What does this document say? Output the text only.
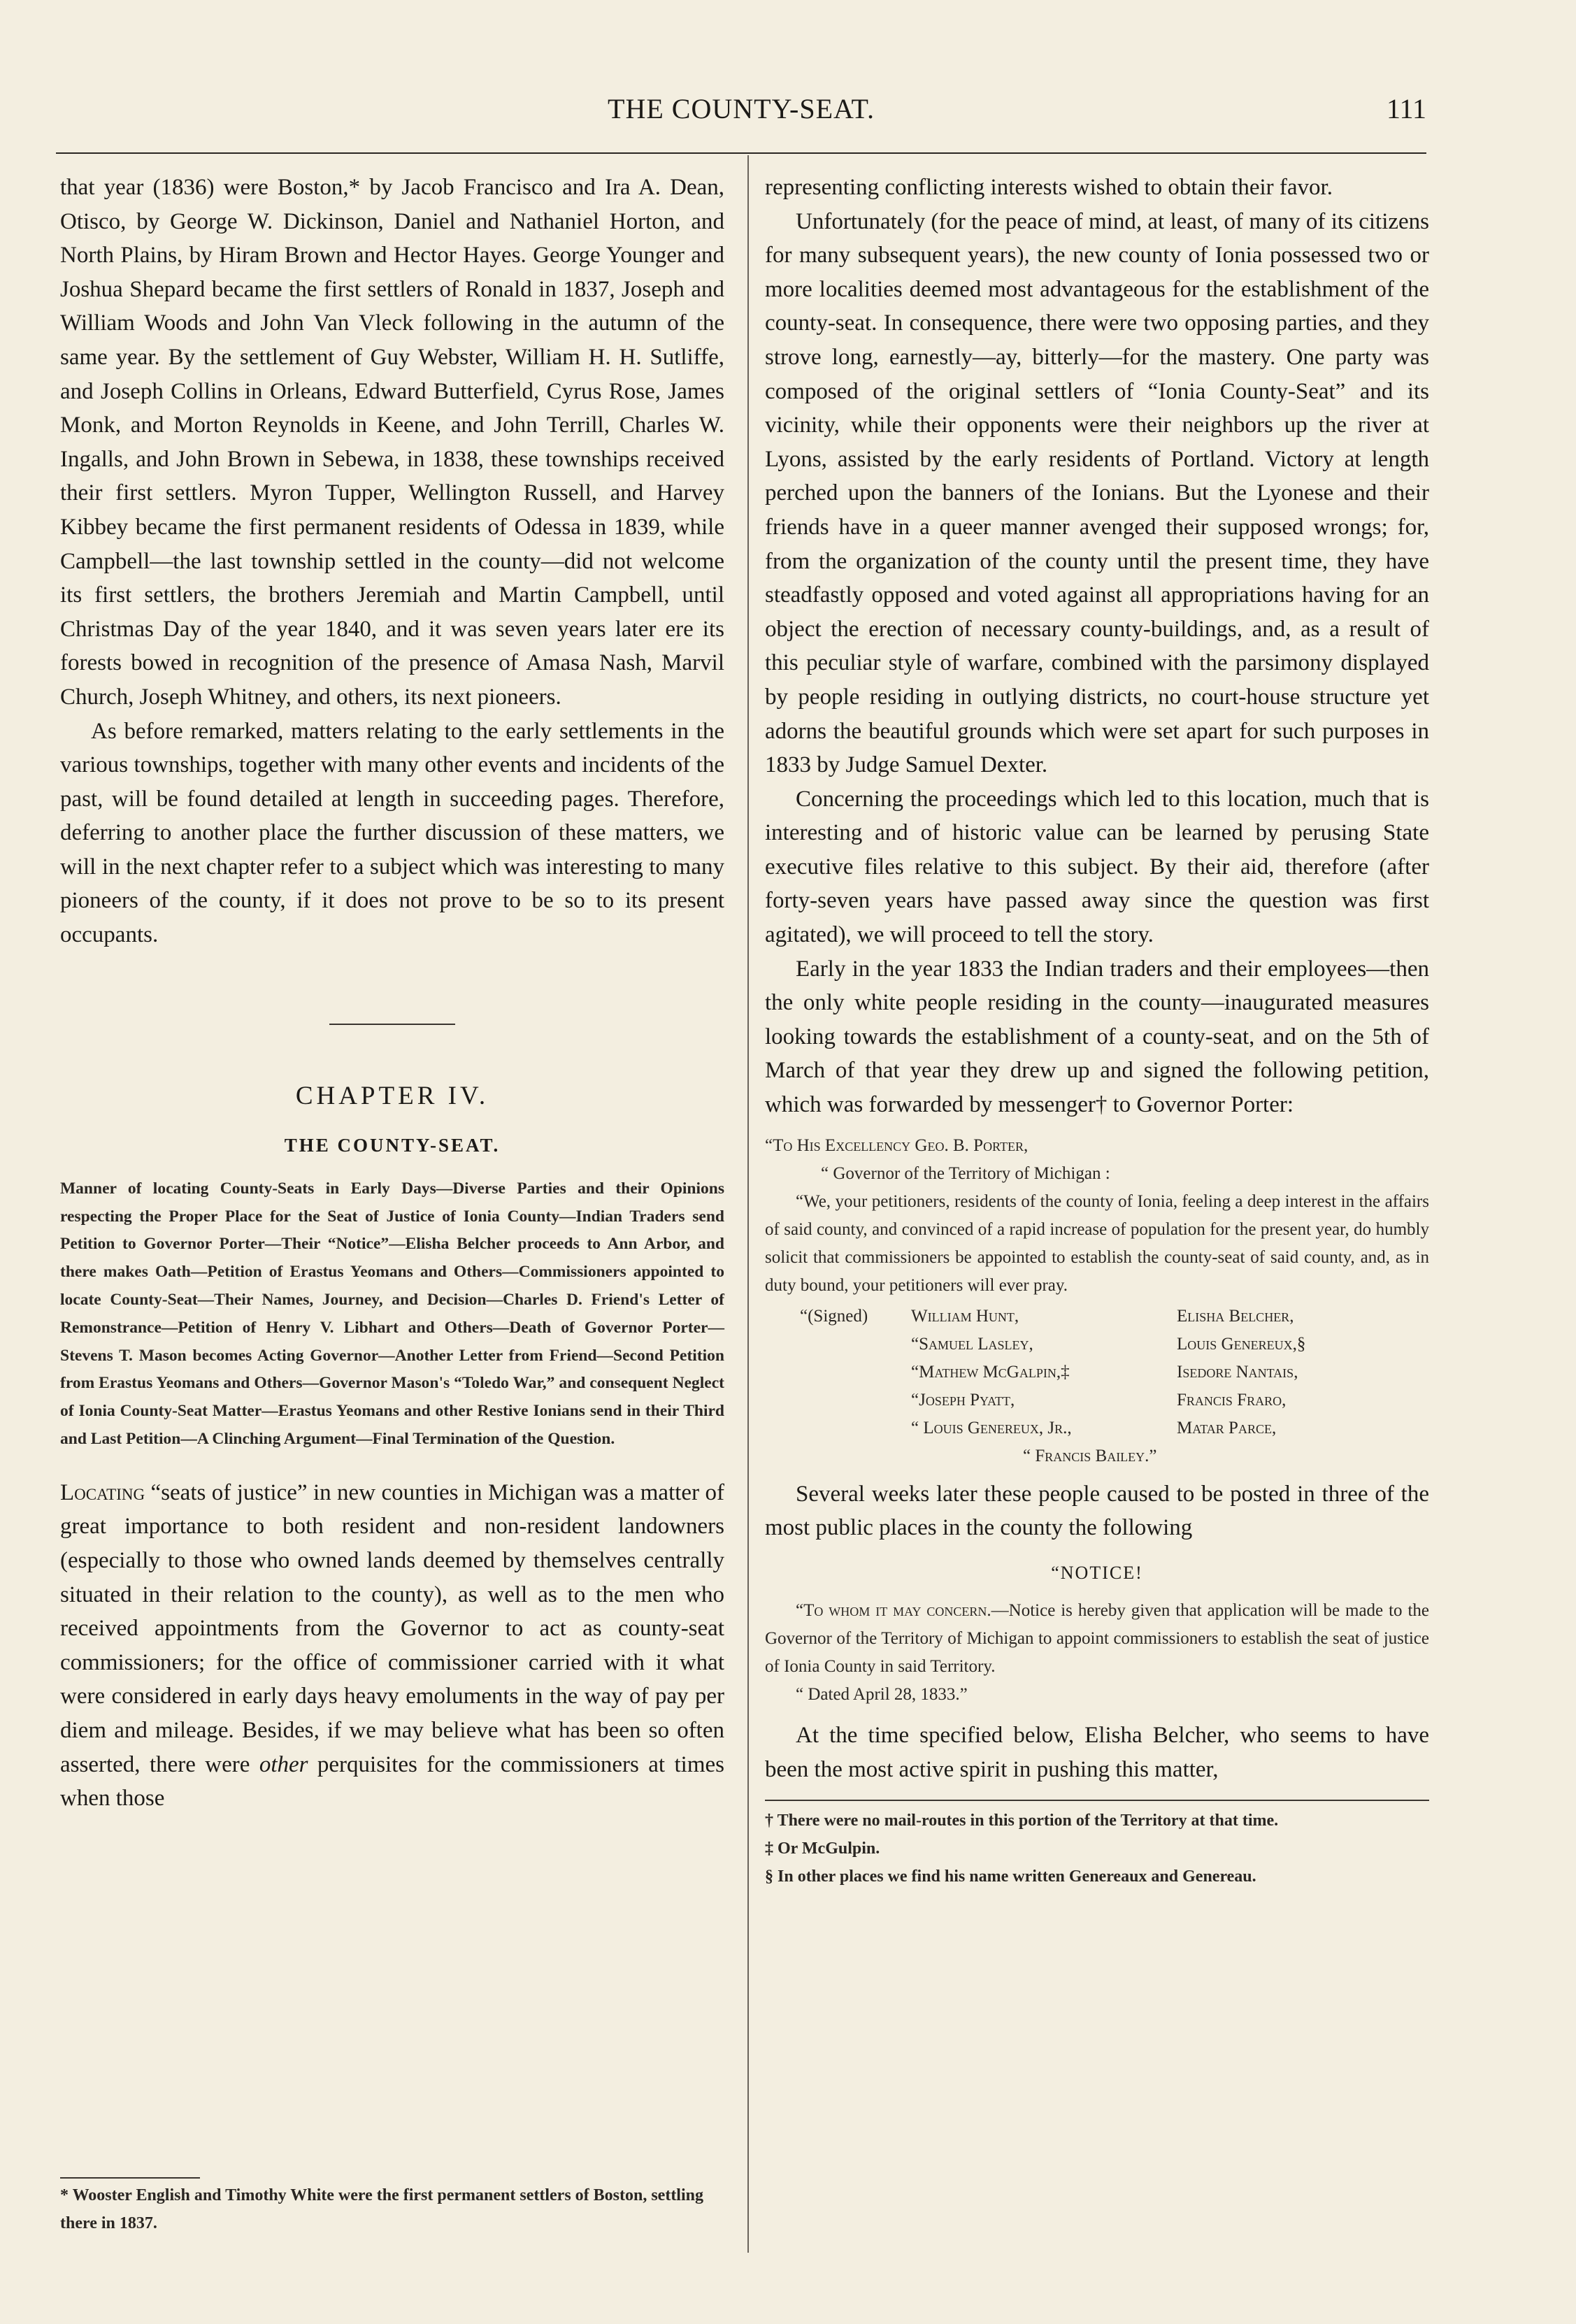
THE COUNTY-SEAT.	111

that year (1836) were Boston,* by Jacob Francisco and Ira A. Dean, Otisco, by George W. Dickinson, Daniel and Nathaniel Horton, and North Plains, by Hiram Brown and Hector Hayes. George Younger and Joshua Shepard became the first settlers of Ronald in 1837, Joseph and William Woods and John Van Vleck following in the autumn of the same year. By the settlement of Guy Webster, William H. H. Sutliffe, and Joseph Collins in Orleans, Edward Butterfield, Cyrus Rose, James Monk, and Morton Reynolds in Keene, and John Terrill, Charles W. Ingalls, and John Brown in Sebewa, in 1838, these townships received their first settlers. Myron Tupper, Wellington Russell, and Harvey Kibbey became the first permanent residents of Odessa in 1839, while Campbell—the last township settled in the county—did not welcome its first settlers, the brothers Jeremiah and Martin Campbell, until Christmas Day of the year 1840, and it was seven years later ere its forests bowed in recognition of the presence of Amasa Nash, Marvil Church, Joseph Whitney, and others, its next pioneers.

As before remarked, matters relating to the early settlements in the various townships, together with many other events and incidents of the past, will be found detailed at length in succeeding pages. Therefore, deferring to another place the further discussion of these matters, we will in the next chapter refer to a subject which was interesting to many pioneers of the county, if it does not prove to be so to its present occupants.

CHAPTER IV.
THE COUNTY-SEAT.

Manner of locating County-Seats in Early Days—Diverse Parties and their Opinions respecting the Proper Place for the Seat of Justice of Ionia County—Indian Traders send Petition to Governor Porter—Their “Notice”—Elisha Belcher proceeds to Ann Arbor, and there makes Oath—Petition of Erastus Yeomans and Others—Commissioners appointed to locate County-Seat—Their Names, Journey, and Decision—Charles D. Friend's Letter of Remonstrance—Petition of Henry V. Libhart and Others—Death of Governor Porter—Stevens T. Mason becomes Acting Governor—Another Letter from Friend—Second Petition from Erastus Yeomans and Others—Governor Mason's “Toledo War,” and consequent Neglect of Ionia County-Seat Matter—Erastus Yeomans and other Restive Ionians send in their Third and Last Petition—A Clinching Argument—Final Termination of the Question.

Locating “seats of justice” in new counties in Michigan was a matter of great importance to both resident and non-resident landowners (especially to those who owned lands deemed by themselves centrally situated in their relation to the county), as well as to the men who received appointments from the Governor to act as county-seat commissioners; for the office of commissioner carried with it what were considered in early days heavy emoluments in the way of pay per diem and mileage. Besides, if we may believe what has been so often asserted, there were other perquisites for the commissioners at times when those

* Wooster English and Timothy White were the first permanent settlers of Boston, settling there in 1837.

representing conflicting interests wished to obtain their favor.

Unfortunately (for the peace of mind, at least, of many of its citizens for many subsequent years), the new county of Ionia possessed two or more localities deemed most advantageous for the establishment of the county-seat. In consequence, there were two opposing parties, and they strove long, earnestly—ay, bitterly—for the mastery. One party was composed of the original settlers of “Ionia County-Seat” and its vicinity, while their opponents were their neighbors up the river at Lyons, assisted by the early residents of Portland. Victory at length perched upon the banners of the Ionians. But the Lyonese and their friends have in a queer manner avenged their supposed wrongs; for, from the organization of the county until the present time, they have steadfastly opposed and voted against all appropriations having for an object the erection of necessary county-buildings, and, as a result of this peculiar style of warfare, combined with the parsimony displayed by people residing in outlying districts, no court-house structure yet adorns the beautiful grounds which were set apart for such purposes in 1833 by Judge Samuel Dexter.

Concerning the proceedings which led to this location, much that is interesting and of historic value can be learned by perusing State executive files relative to this subject. By their aid, therefore (after forty-seven years have passed away since the question was first agitated), we will proceed to tell the story.

Early in the year 1833 the Indian traders and their employees—then the only white people residing in the county—inaugurated measures looking towards the establishment of a county-seat, and on the 5th of March of that year they drew up and signed the following petition, which was forwarded by messenger† to Governor Porter:

“To His Excellency Geo. B. Porter,

“ Governor of the Territory of Michigan :

“We, your petitioners, residents of the county of Ionia, feeling a deep interest in the affairs of said county, and convinced of a rapid increase of population for the present year, do humbly solicit that commissioners be appointed to establish the county-seat of said county, and, as in duty bound, your petitioners will ever pray.

“(Signed)	William Hunt,	Elisha Belcher,
	“Samuel Lasley,	Louis Genereux,§
	“Mathew McGalpin,‡	Isedore Nantais,
	“Joseph Pyatt,	Francis Fraro,
	“ Louis Genereux, Jr.,	Matar Parce,
	“ Francis Bailey.”	

Several weeks later these people caused to be posted in three of the most public places in the county the following

“NOTICE!

“To whom it may concern.—Notice is hereby given that application will be made to the Governor of the Territory of Michigan to appoint commissioners to establish the seat of justice of Ionia County in said Territory.

“ Dated April 28, 1833.”

At the time specified below, Elisha Belcher, who seems to have been the most active spirit in pushing this matter,

† There were no mail-routes in this portion of the Territory at that time.

‡ Or McGulpin.

§ In other places we find his name written Genereaux and Genereau.
